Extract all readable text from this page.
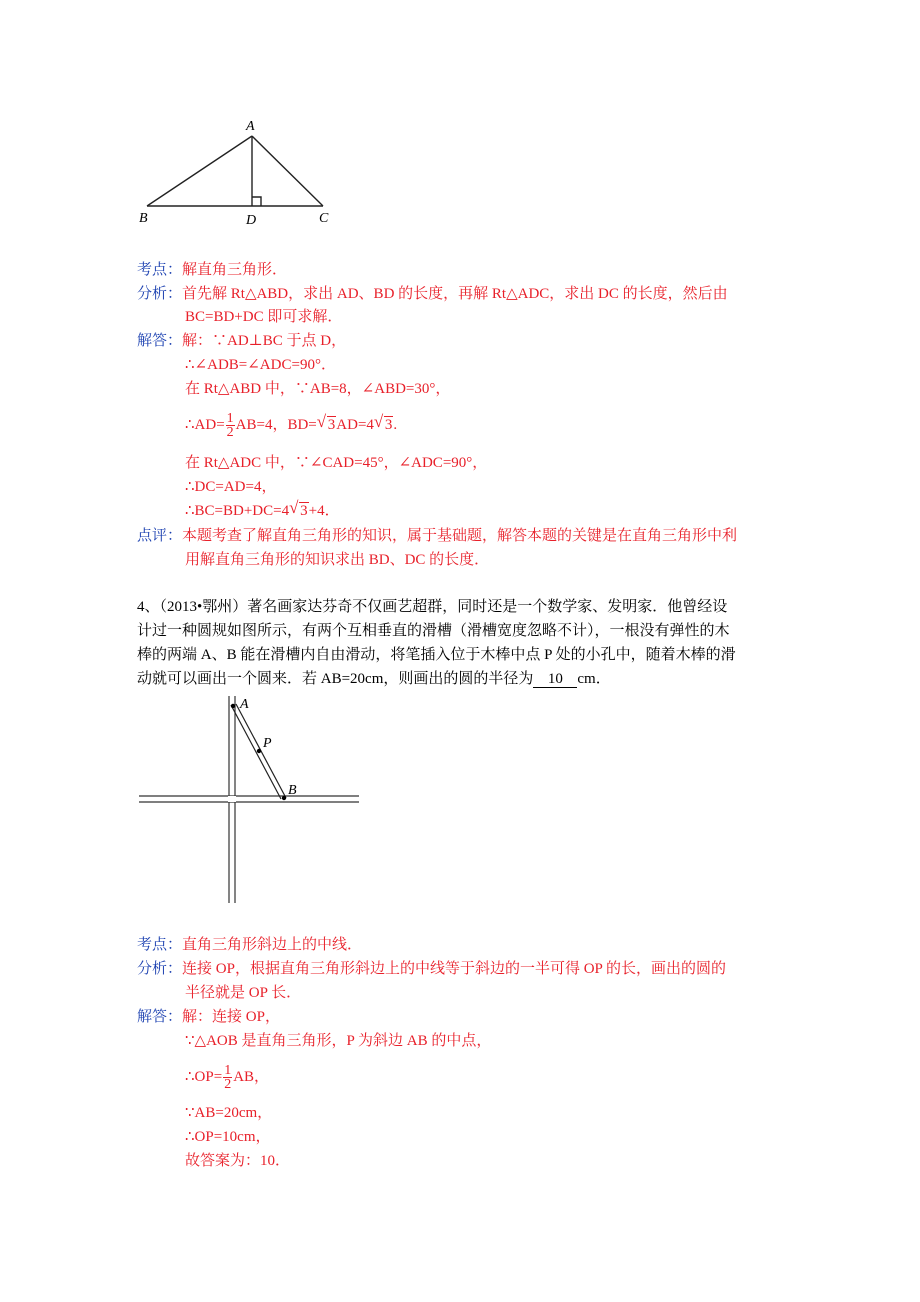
A
B	D	C
考点：解直角三角形．
分析：首先解 Rt△ABD，求出 AD、BD 的长度，再解 Rt△ADC，求出 DC 的长度，然后由
BC=BD+DC 即可求解．
解答：解：∵AD⊥BC 于点 D，
∴∠ADB=∠ADC=90°．
在 Rt△ABD 中，∵AB=8，∠ABD=30°，
∴AD= $\frac{1}{2} AB=4$，BD= √ 3AD=4 √ 3.
在 Rt△ADC 中，∵∠CAD=45°，∠ADC=90°，
∴DC=AD=4，
∴BC=BD+DC=4 √ 3+4．
点评：本题考查了解直角三角形的知识，属于基础题，解答本题的关键是在直角三角形中利
用解直角三角形的知识求出 BD、DC 的长度．
4、（2013•鄂州）著名画家达芬奇不仅画艺超群，同时还是一个数学家、发明家．他曾经设
计过一种圆规如图所示，有两个互相垂直的滑槽（滑槽宽度忽略不计），一根没有弹性的木
棒的两端 A、B 能在滑槽内自由滑动，将笔插入位于木棒中点 P 处的小孔中，随着木棒的滑
动就可以画出一个圆来．若 AB=20cm，则画出的圆的半径为 10 cm．
A
P
B
考点：直角三角形斜边上的中线．
分析：连接 OP，根据直角三角形斜边上的中线等于斜边的一半可得 OP 的长，画出的圆的
半径就是 OP 长．
解答：解：连接 OP，
∵△AOB 是直角三角形，P 为斜边 AB 的中点，
∴OP= $\frac{1}{2}$ AB，
∵AB=20cm，
∴OP=10cm，
故答案为：10．
